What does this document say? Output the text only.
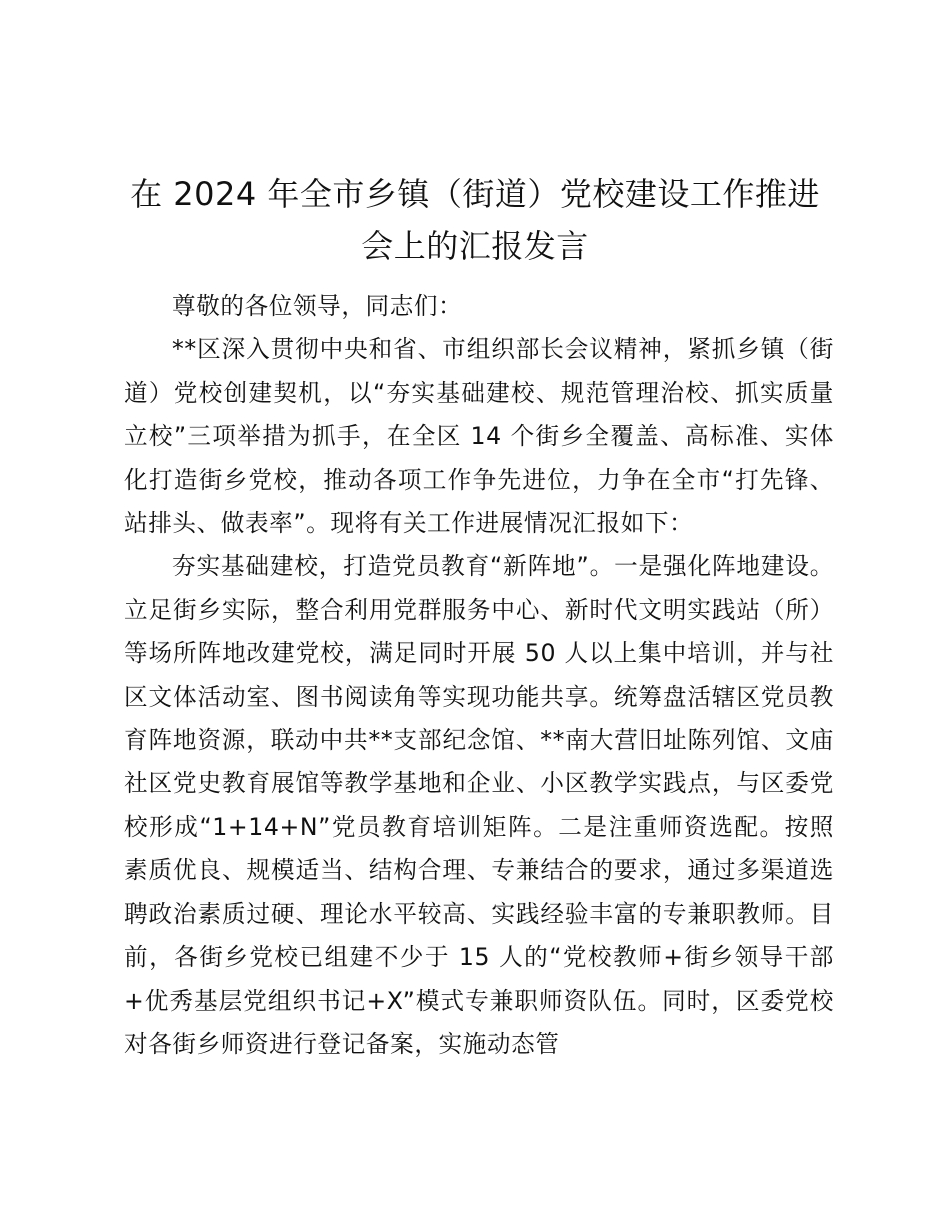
在 2024 年全市乡镇（街道）党校建设工作推进会上的汇报发言

尊敬的各位领导，同志们：

**区深入贯彻中央和省、市组织部长会议精神，紧抓乡镇（街道）党校创建契机，以“夯实基础建校、规范管理治校、抓实质量立校”三项举措为抓手，在全区 14 个街乡全覆盖、高标准、实体化打造街乡党校，推动各项工作争先进位，力争在全市“打先锋、站排头、做表率”。现将有关工作进展情况汇报如下：

夯实基础建校，打造党员教育“新阵地”。一是强化阵地建设。立足街乡实际，整合利用党群服务中心、新时代文明实践站（所）等场所阵地改建党校，满足同时开展 50 人以上集中培训，并与社区文体活动室、图书阅读角等实现功能共享。统筹盘活辖区党员教育阵地资源，联动中共**支部纪念馆、**南大营旧址陈列馆、文庙社区党史教育展馆等教学基地和企业、小区教学实践点，与区委党校形成“1+14+N”党员教育培训矩阵。二是注重师资选配。按照素质优良、规模适当、结构合理、专兼结合的要求，通过多渠道选聘政治素质过硬、理论水平较高、实践经验丰富的专兼职教师。目前，各街乡党校已组建不少于 15 人的“党校教师+街乡领导干部+优秀基层党组织书记+X”模式专兼职师资队伍。同时，区委党校对各街乡师资进行登记备案，实施动态管
